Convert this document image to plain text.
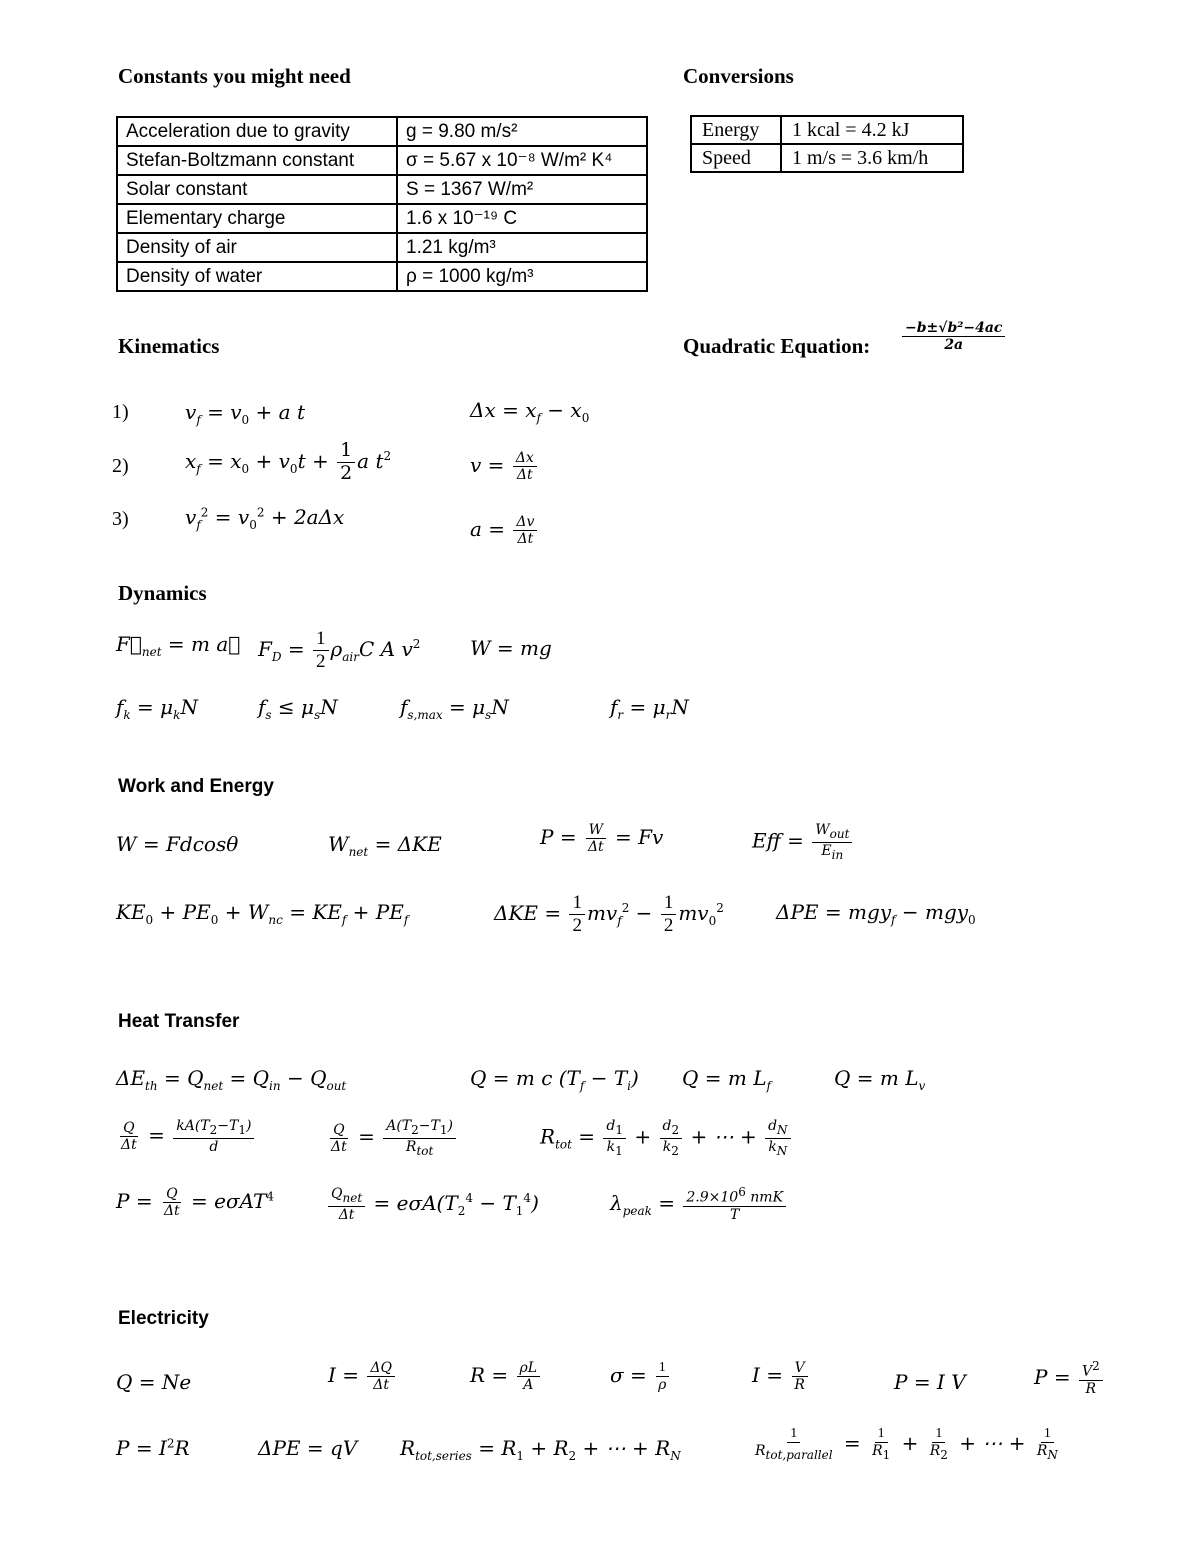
Constants you might need
Acceleration due to gravity	g = 9.80 m/s²
Stefan-Boltzmann constant	σ = 5.67 x 10⁻⁸ W/m² K⁴
Solar constant	S = 1367 W/m²
Elementary charge	1.6 x 10⁻¹⁹ C
Density of air	1.21 kg/m³
Density of water	ρ = 1000 kg/m³
Conversions
Energy	1 kcal = 4.2 kJ
Speed	1 m/s = 3.6 km/h
Kinematics	Quadratic Equation: $\frac{\text{−b±√b²−4ac}}{2a}$
1)
2)
3)
$v_f = v_0 + a$ t
$x_f = x_0 + v_0t + \frac{1}{2}$ a $t^2$
$v_f^2 = v_0^2 + 2a\Delta x$
$\Delta x = x_f - x_0$
$v = \frac{\Delta x}{\Delta t}$
$a = \frac{\Delta v}{\Delta t}$
Dynamics
$F⃗_{net} = m$ a⃗ $F_D = \frac{1}{2} \rho_{air}C$ A $v^2$ W = mg
$f_k = \mu_kN$	$f_s \le \mu_sN$	$f_{s,max} = \mu_sN$	$f_r = \mu_rN$
Work and Energy
W = Fdcosθ	$W_{net} = \Delta KE$	$P = \frac{W}{\Delta t} = Fv$	Eff = $\frac{W_{out}}{E_{in}}$
$KE_0 + PE_0 + W_{nc} = KE_f + PE_f$	$\Delta KE = \frac{1}{2} mv_f^2 - \frac{1}{2} mv_0^2$	ΔPE = mgy$_f$ − mgy$_0$
Heat Transfer
$\Delta E_{th} = Q_{net} = Q_{in} - Q_{out}$	Q = m c $(T_f - T_i) Q = m$ $L_f$	Q = m $L_v$
$\frac{Q}{\Delta t} = \frac{kA(T_2-T_1)}{d}$	$\frac{Q}{\Delta t} = \frac{A(T_2-T_1)}{R_{tot}}$	$R_{tot} = \frac{d_1}{k_1} + \frac{d_2}{k_2}$ + ⋯ + $\frac{d_N}{k_N}$
$P = \frac{Q}{\Delta t} = e\sigma AT^4$	$\frac{Q_{net}}{\Delta t} = e\sigma A(T_2^4 - T_1^4)$	$\lambda_{peak} = \frac{2.9\times 10^6 nmK}{T}$
Electricity
Q = Ne	$I = \frac{\Delta Q}{\Delta t}$	$R = \frac{\rho L}{A}$	$\sigma = \frac{1}{\rho}$	$I = \frac{V}{R}$	P = I V	$P = \frac{V^2}{R}$
$P = I^2R$	ΔPE = qV $R_{tot,series} = R_1 + R_2$ + ⋯ + $R_N$	$\frac{1}{R_{tot,parallel}} = \frac{1}{R_1} + \frac{1}{R_2}$ + ⋯ + $\frac{1}{R_N}$
